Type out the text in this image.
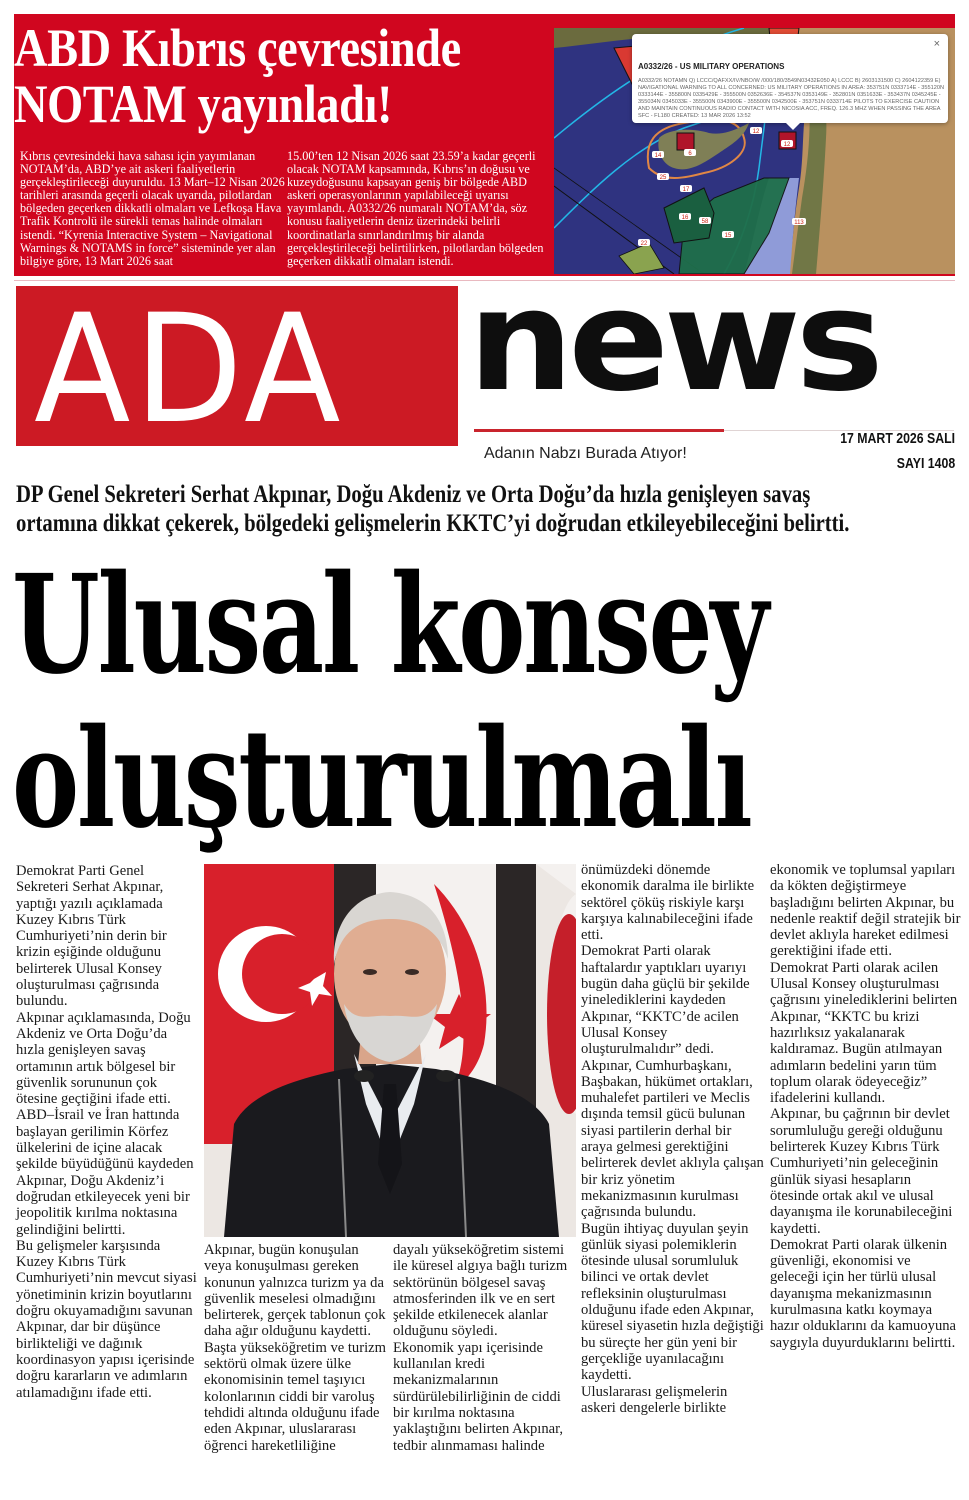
ABD Kıbrıs çevresinde
NOTAM yayınladı!
Kıbrıs çevresindeki hava sahası için yayımlanan NOTAM’da, ABD’ye ait askeri faaliyetlerin gerçekleştirileceği duyuruldu. 13 Mart–12 Nisan 2026 tarihleri arasında geçerli olacak uyarıda, pilotlardan bölgeden geçerken dikkatli olmaları ve Lefkoşa Hava Trafik Kontrolü ile sürekli temas halinde olmaları istendi. “Kyrenia Interactive System – Navigational Warnings & NOTAMS in force” sisteminde yer alan bilgiye göre, 13 Mart 2026 saat
15.00’ten 12 Nisan 2026 saat 23.59’a kadar geçerli olacak NOTAM kapsamında, Kıbrıs’ın doğusu ve kuzeydoğusunu kapsayan geniş bir bölgede ABD askeri operasyonlarının yapılabileceği uyarısı yayımlandı. A0332/26 numaralı NOTAM’da, söz konusu faaliyetlerin deniz üzerindeki belirli koordinatlarla sınırlandırılmış bir alanda gerçekleştirileceği belirtilirken, pilotlardan bölgeden geçerken dikkatli olmaları istendi.
12
14	6
25
17
12
16
58
15
22
113
×
A0332/26 - US MILITARY OPERATIONS
A0332/26 NOTAMN Q) LCCC/QAFXX/IV/NBO/W /000/180/3549N03432E050 A) LCCC B) 2603131500 C) 2604122359 E) NAVIGATIONAL WARNING TO ALL CONCERNED: US MILITARY OPERATIONS IN AREA: 353751N 0333714E - 355120N 0333144E - 355800N 0335429E - 355500N 0352636E - 354537N 0353149E - 352801N 0351633E - 353437N 0345245E - 355034N 0345033E - 355500N 0343900E - 355500N 0342500E - 353751N 0333714E PILOTS TO EXERCISE CAUTION AND MAINTAIN CONTINUOUS RADIO CONTACT WITH NICOSIA ACC, FREQ. 126.3 MHZ WHEN PASSING THE AREA SFC - FL180 CREATED: 13 MAR 2026 13:52
ADA news
Adanın Nabzı Burada Atıyor!
17 MART 2026 SALI
SAYI 1408
DP Genel Sekreteri Serhat Akpınar, Doğu Akdeniz ve Orta Doğu’da hızla genişleyen savaş
ortamına dikkat çekerek, bölgedeki gelişmelerin KKTC’yi doğrudan etkileyebileceğini belirtti.
Ulusal konsey
oluşturulmalı

Demokrat Parti Genel Sekreteri Serhat Akpınar, yaptığı yazılı açıklamada Kuzey Kıbrıs Türk Cumhuriyeti’nin derin bir krizin eşiğinde olduğunu belirterek Ulusal Konsey oluşturulması çağrısında bulundu.

Akpınar açıklamasında, Doğu Akdeniz ve Orta Doğu’da hızla genişleyen savaş ortamının artık bölgesel bir güvenlik sorununun çok ötesine geçtiğini ifade etti. ABD–İsrail ve İran hattında başlayan gerilimin Körfez ülkelerini de içine alacak şekilde büyüdüğünü kaydeden Akpınar, Doğu Akdeniz’i doğrudan etkileyecek yeni bir jeopolitik kırılma noktasına gelindiğini belirtti.

Bu gelişmeler karşısında Kuzey Kıbrıs Türk Cumhuriyeti’nin mevcut siyasi yönetiminin krizin boyutlarını doğru okuyamadığını savunan Akpınar, dar bir düşünce birlikteliği ve dağınık koordinasyon yapısı içerisinde doğru kararların ve adımların atılamadığını ifade etti.

Akpınar, bugün konuşulan veya konuşulması gereken konunun yalnızca turizm ya da güvenlik meselesi olmadığını belirterek, gerçek tablonun çok daha ağır olduğunu kaydetti.

Başta yükseköğretim ve turizm sektörü olmak üzere ülke ekonomisinin temel taşıyıcı kolonlarının ciddi bir varoluş tehdidi altında olduğunu ifade eden Akpınar, uluslararası öğrenci hareketliliğine

dayalı yükseköğretim sistemi ile küresel algıya bağlı turizm sektörünün bölgesel savaş atmosferinden ilk ve en sert şekilde etkilenecek alanlar olduğunu söyledi.

Ekonomik yapı içerisinde kullanılan kredi mekanizmalarının sürdürülebilirliğinin de ciddi bir kırılma noktasına yaklaştığını belirten Akpınar, tedbir alınmaması halinde

önümüzdeki dönemde ekonomik daralma ile birlikte sektörel çöküş riskiyle karşı karşıya kalınabileceğini ifade etti.

Demokrat Parti olarak haftalardır yaptıkları uyarıyı bugün daha güçlü bir şekilde yinelediklerini kaydeden Akpınar, “KKTC’de acilen Ulusal Konsey oluşturulmalıdır” dedi.

Akpınar, Cumhurbaşkanı, Başbakan, hükümet ortakları, muhalefet partileri ve Meclis dışında temsil gücü bulunan siyasi partilerin derhal bir araya gelmesi gerektiğini belirterek devlet aklıyla çalışan bir kriz yönetim mekanizmasının kurulması çağrısında bulundu.

Bugün ihtiyaç duyulan şeyin günlük siyasi polemiklerin ötesinde ulusal sorumluluk bilinci ve ortak devlet refleksinin oluşturulması olduğunu ifade eden Akpınar, küresel siyasetin hızla değiştiği bu süreçte her gün yeni bir gerçekliğe uyanılacağını kaydetti.

Uluslararası gelişmelerin askeri dengelerle birlikte

ekonomik ve toplumsal yapıları da kökten değiştirmeye başladığını belirten Akpınar, bu nedenle reaktif değil stratejik bir devlet aklıyla hareket edilmesi gerektiğini ifade etti.

Demokrat Parti olarak acilen Ulusal Konsey oluşturulması çağrısını yinelediklerini belirten Akpınar, “KKTC bu krizi hazırlıksız yakalanarak kaldıramaz. Bugün atılmayan adımların bedelini yarın tüm toplum olarak ödeyeceğiz” ifadelerini kullandı.

Akpınar, bu çağrının bir devlet sorumluluğu gereği olduğunu belirterek Kuzey Kıbrıs Türk Cumhuriyeti’nin geleceğinin günlük siyasi hesapların ötesinde ortak akıl ve ulusal dayanışma ile korunabileceğini kaydetti.

Demokrat Parti olarak ülkenin güvenliği, ekonomisi ve geleceği için her türlü ulusal dayanışma mekanizmasının kurulmasına katkı koymaya hazır olduklarını da kamuoyuna saygıyla duyurduklarını belirtti.
